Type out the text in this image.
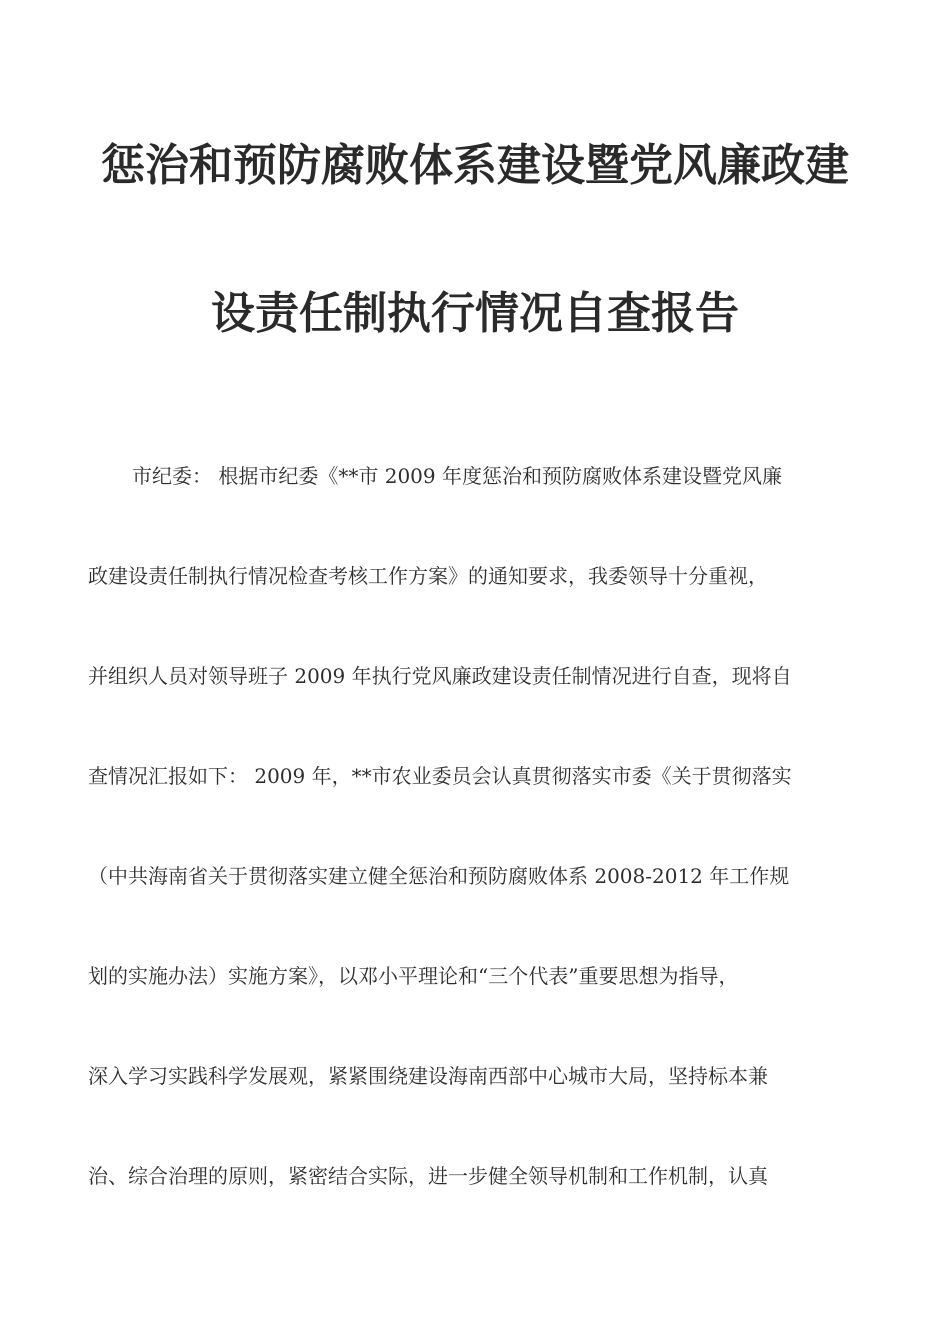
惩治和预防腐败体系建设暨党风廉政建
设责任制执行情况自查报告
市纪委： 根据市纪委《**市 2009 年度惩治和预防腐败体系建设暨党风廉
政建设责任制执行情况检查考核工作方案》的通知要求，我委领导十分重视，
并组织人员对领导班子 2009 年执行党风廉政建设责任制情况进行自查，现将自
查情况汇报如下： 2009 年，**市农业委员会认真贯彻落实市委《关于贯彻落实
（中共海南省关于贯彻落实建立健全惩治和预防腐败体系 2008-2012 年工作规
划的实施办法）实施方案》，以邓小平理论和“三个代表”重要思想为指导，
深入学习实践科学发展观，紧紧围绕建设海南西部中心城市大局，坚持标本兼
治、综合治理的原则，紧密结合实际，进一步健全领导机制和工作机制，认真
